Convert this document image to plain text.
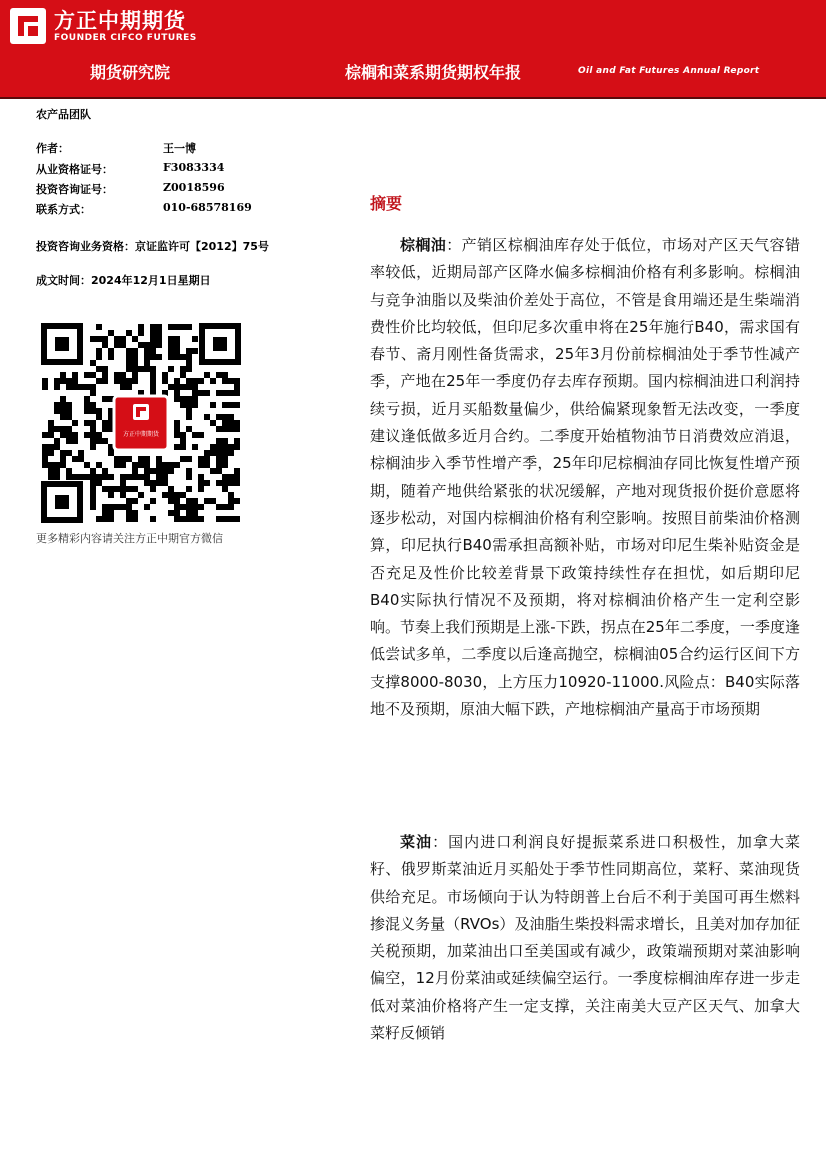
方正中期期货
FOUNDER CIFCO FUTURES
期货研究院	棕榈和菜系期货期权年报	Oil and Fat Futures Annual Report
农产品团队
作者：	王一博
从业资格证号：	F3083334
投资咨询证号：	Z0018596
联系方式：	010-68578169
投资咨询业务资格：京证监许可【2012】75号
成文时间：2024年12月1日星期日
方正中期期货
更多精彩内容请关注方正中期官方微信
摘要
棕榈油：产销区棕榈油库存处于低位，市场对产区天气容错率较低，近期局部产区降水偏多棕榈油价格有利多影响。棕榈油与竞争油脂以及柴油价差处于高位，不管是食用端还是生柴端消费性价比均较低，但印尼多次重申将在25年施行B40，需求国有春节、斋月刚性备货需求，25年3月份前棕榈油处于季节性减产季，产地在25年一季度仍存去库存预期。国内棕榈油进口利润持续亏损，近月买船数量偏少，供给偏紧现象暂无法改变，一季度建议逢低做多近月合约。二季度开始植物油节日消费效应消退，棕榈油步入季节性增产季，25年印尼棕榈油存同比恢复性增产预期，随着产地供给紧张的状况缓解，产地对现货报价挺价意愿将逐步松动，对国内棕榈油价格有利空影响。按照目前柴油价格测算，印尼执行B40需承担高额补贴，市场对印尼生柴补贴资金是否充足及性价比较差背景下政策持续性存在担忧，如后期印尼B40实际执行情况不及预期，将对棕榈油价格产生一定利空影响。节奏上我们预期是上涨-下跌，拐点在25年二季度，一季度逢低尝试多单，二季度以后逢高抛空，棕榈油05合约运行区间下方支撑8000-8030，上方压力10920-11000.风险点：B40实际落地不及预期，原油大幅下跌，产地棕榈油产量高于市场预期
菜油：国内进口利润良好提振菜系进口积极性，加拿大菜籽、俄罗斯菜油近月买船处于季节性同期高位，菜籽、菜油现货供给充足。市场倾向于认为特朗普上台后不利于美国可再生燃料掺混义务量（RVOs）及油脂生柴投料需求增长，且美对加存加征关税预期，加菜油出口至美国或有减少，政策端预期对菜油影响偏空，12月份菜油或延续偏空运行。一季度棕榈油库存进一步走低对菜油价格将产生一定支撑，关注南美大豆产区天气、加拿大菜籽反倾销
